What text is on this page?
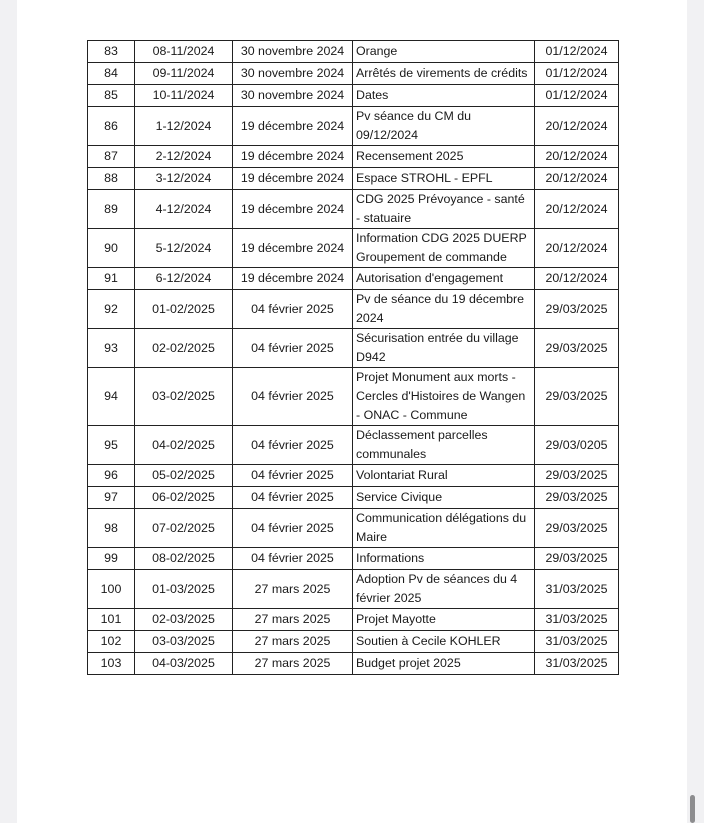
83	08-11/2024	30 novembre 2024	Orange	01/12/2024
84	09-11/2024	30 novembre 2024	Arrêtés de virements de crédits	01/12/2024
85	10-11/2024	30 novembre 2024	Dates	01/12/2024
86	1-12/2024	19 décembre 2024	Pv séance du CM du 09/12/2024	20/12/2024
87	2-12/2024	19 décembre 2024	Recensement 2025	20/12/2024
88	3-12/2024	19 décembre 2024	Espace STROHL - EPFL	20/12/2024
89	4-12/2024	19 décembre 2024	CDG 2025 Prévoyance - santé - statuaire	20/12/2024
90	5-12/2024	19 décembre 2024	Information CDG 2025 DUERP Groupement de commande	20/12/2024
91	6-12/2024	19 décembre 2024	Autorisation d'engagement	20/12/2024
92	01-02/2025	04 février 2025	Pv de séance du 19 décembre 2024	29/03/2025
93	02-02/2025	04 février 2025	Sécurisation entrée du village D942	29/03/2025
94	03-02/2025	04 février 2025	Projet Monument aux morts - Cercles d'Histoires de Wangen - ONAC - Commune	29/03/2025
95	04-02/2025	04 février 2025	Déclassement parcelles communales	29/03/0205
96	05-02/2025	04 février 2025	Volontariat Rural	29/03/2025
97	06-02/2025	04 février 2025	Service Civique	29/03/2025
98	07-02/2025	04 février 2025	Communication délégations du Maire	29/03/2025
99	08-02/2025	04 février 2025	Informations	29/03/2025
100	01-03/2025	27 mars 2025	Adoption Pv de séances du 4 février 2025	31/03/2025
101	02-03/2025	27 mars 2025	Projet Mayotte	31/03/2025
102	03-03/2025	27 mars 2025	Soutien à Cecile KOHLER	31/03/2025
103	04-03/2025	27 mars 2025	Budget projet 2025	31/03/2025
